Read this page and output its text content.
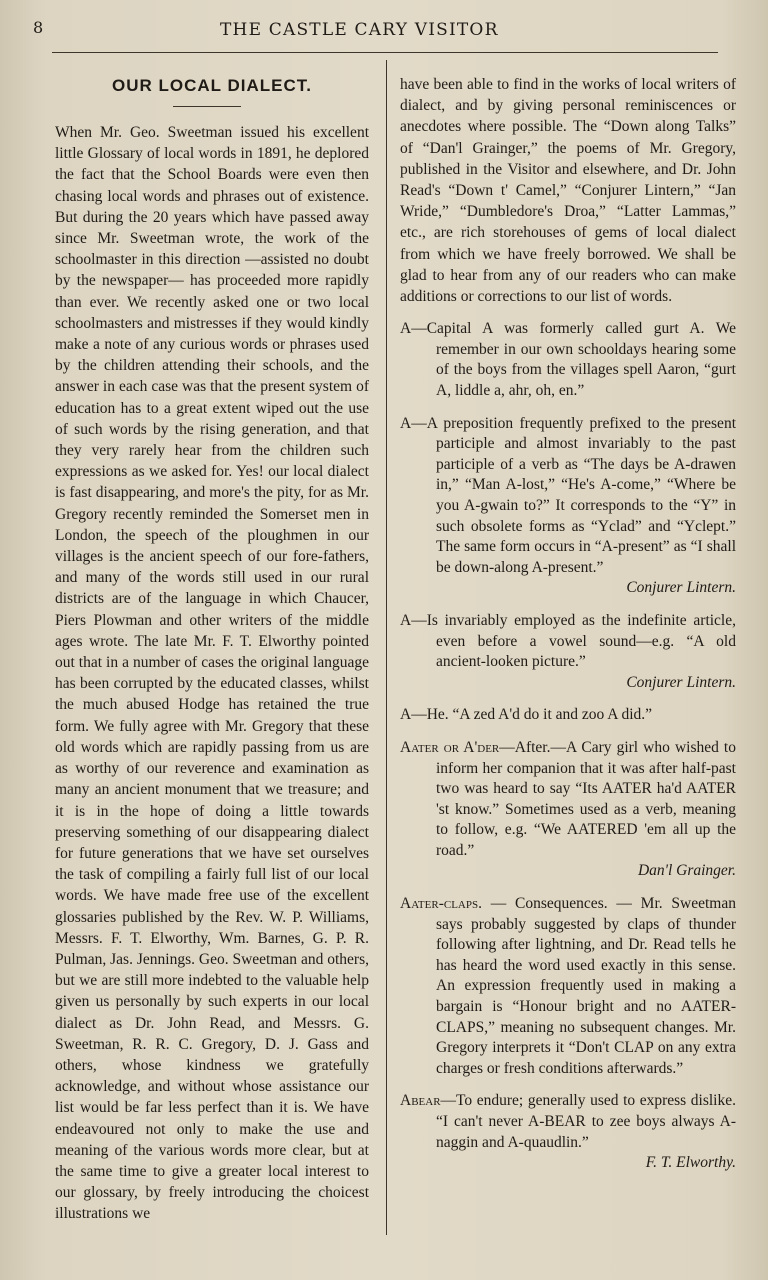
8	THE CASTLE CARY VISITOR
OUR LOCAL DIALECT.

When Mr. Geo. Sweetman issued his excellent little Glossary of local words in 1891, he deplored the fact that the School Boards were even then chasing local words and phrases out of existence. But during the 20 years which have passed away since Mr. Sweetman wrote, the work of the schoolmaster in this direction —assisted no doubt by the newspaper— has proceeded more rapidly than ever. We recently asked one or two local schoolmasters and mistresses if they would kindly make a note of any curious words or phrases used by the children attending their schools, and the answer in each case was that the present system of education has to a great extent wiped out the use of such words by the rising generation, and that they very rarely hear from the children such expressions as we asked for. Yes! our local dialect is fast disappearing, and more's the pity, for as Mr. Gregory recently reminded the Somerset men in London, the speech of the ploughmen in our villages is the ancient speech of our fore-fathers, and many of the words still used in our rural districts are of the language in which Chaucer, Piers Plowman and other writers of the middle ages wrote. The late Mr. F. T. Elworthy pointed out that in a number of cases the original language has been corrupted by the educated classes, whilst the much abused Hodge has retained the true form. We fully agree with Mr. Gregory that these old words which are rapidly passing from us are as worthy of our reverence and examination as many an ancient monument that we treasure; and it is in the hope of doing a little towards preserving something of our disappearing dialect for future generations that we have set ourselves the task of compiling a fairly full list of our local words. We have made free use of the excellent glossaries published by the Rev. W. P. Williams, Messrs. F. T. Elworthy, Wm. Barnes, G. P. R. Pulman, Jas. Jennings. Geo. Sweetman and others, but we are still more indebted to the valuable help given us personally by such experts in our local dialect as Dr. John Read, and Messrs. G. Sweetman, R. R. C. Gregory, D. J. Gass and others, whose kindness we gratefully acknowledge, and without whose assistance our list would be far less perfect than it is. We have endeavoured not only to make the use and meaning of the various words more clear, but at the same time to give a greater local interest to our glossary, by freely introducing the choicest illustrations we

have been able to find in the works of local writers of dialect, and by giving personal reminiscences or anecdotes where possible. The “Down along Talks” of “Dan'l Grainger,” the poems of Mr. Gregory, published in the Visitor and elsewhere, and Dr. John Read's “Down t' Camel,” “Conjurer Lintern,” “Jan Wride,” “Dumbledore's Droa,” “Latter Lammas,” etc., are rich storehouses of gems of local dialect from which we have freely borrowed. We shall be glad to hear from any of our readers who can make additions or corrections to our list of words.

A—Capital A was formerly called gurt A. We remember in our own schooldays hearing some of the boys from the villages spell Aaron, “gurt A, liddle a, ahr, oh, en.”
A—A preposition frequently prefixed to the present participle and almost invariably to the past participle of a verb as “The days be A-drawen in,” “Man A-lost,” “He's A-come,” “Where be you A-gwain to?” It corresponds to the “Y” in such obsolete forms as “Yclad” and “Yclept.” The same form occurs in “A-present” as “I shall be down-along A-present.”
Conjurer Lintern.
A—Is invariably employed as the indefinite article, even before a vowel sound—e.g. “A old ancient-looken picture.”
Conjurer Lintern.
A—He. “A zed A'd do it and zoo A did.”
Aater or A'der—After.—A Cary girl who wished to inform her companion that it was after half-past two was heard to say “Its AATER ha'd AATER 'st know.” Sometimes used as a verb, meaning to follow, e.g. “We AATERED 'em all up the road.”
Dan'l Grainger.
Aater-claps. — Consequences. — Mr. Sweetman says probably suggested by claps of thunder following after lightning, and Dr. Read tells he has heard the word used exactly in this sense. An expression frequently used in making a bargain is “Honour bright and no AATER-CLAPS,” meaning no subsequent changes. Mr. Gregory interprets it “Don't CLAP on any extra charges or fresh conditions afterwards.”
Abear—To endure; generally used to express dislike. “I can't never A-BEAR to zee boys always A-naggin and A-quaudlin.”
F. T. Elworthy.
